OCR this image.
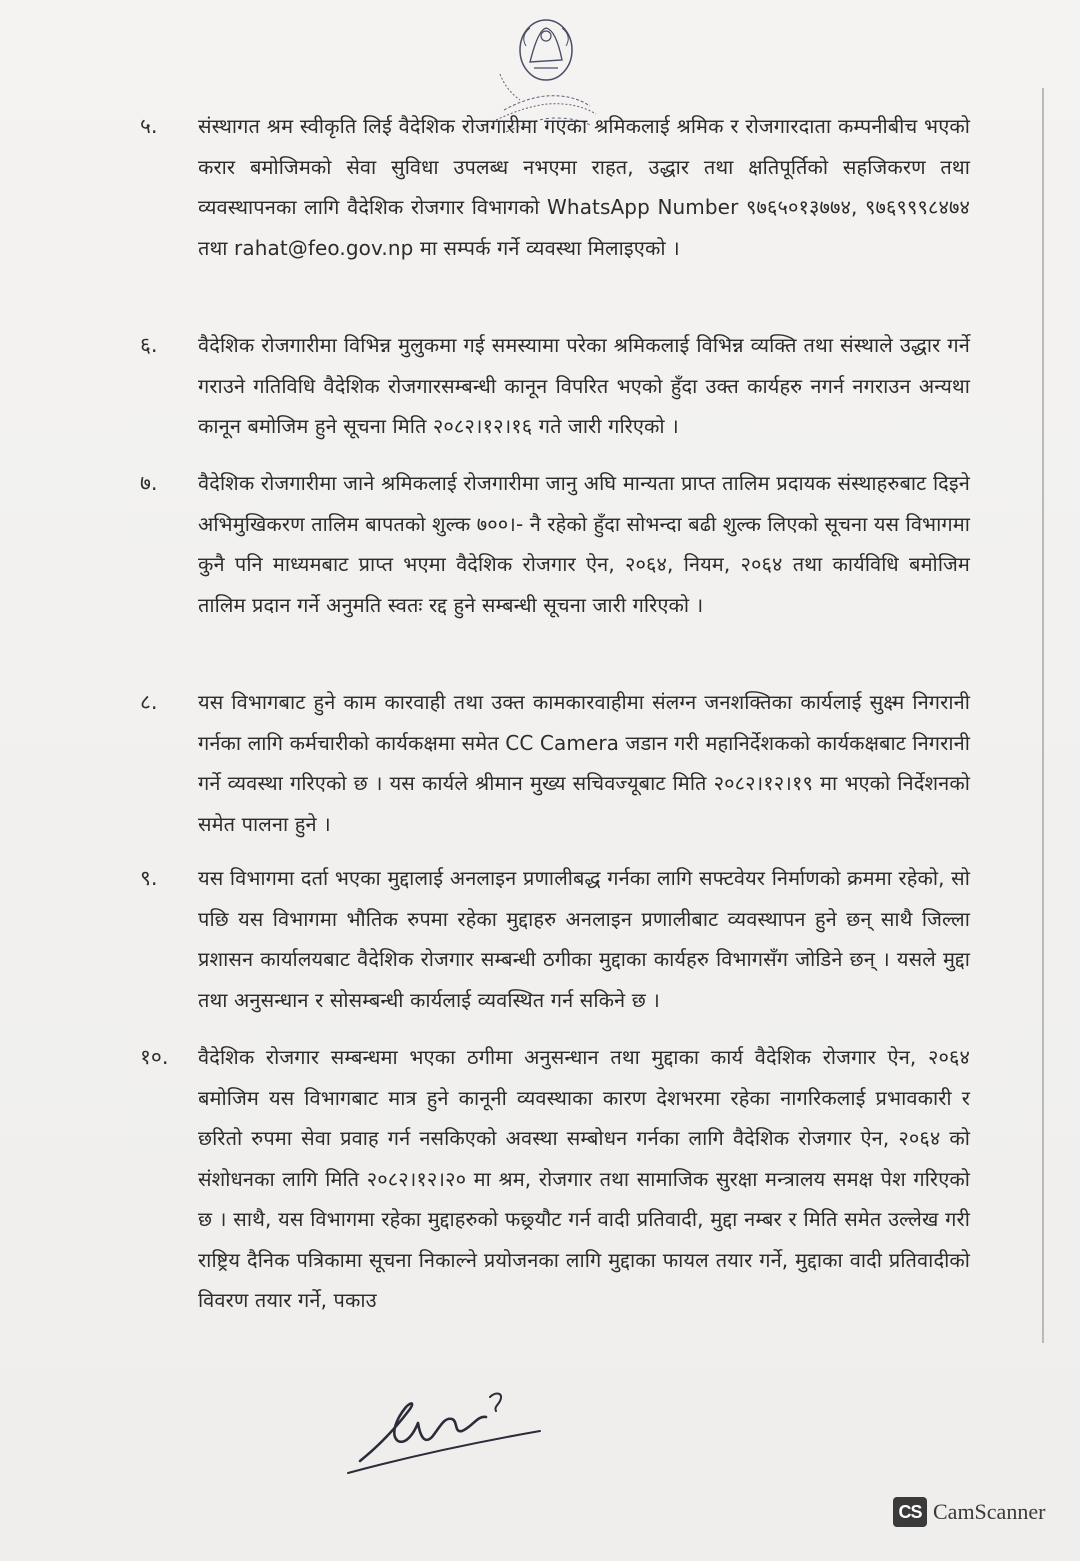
५.	संस्थागत श्रम स्वीकृति लिई वैदेशिक रोजगारीमा गएका श्रमिकलाई श्रमिक र रोजगारदाता कम्पनीबीच भएको करार बमोजिमको सेवा सुविधा उपलब्ध नभएमा राहत, उद्धार तथा क्षतिपूर्तिको सहजिकरण तथा व्यवस्थापनका लागि वैदेशिक रोजगार विभागको WhatsApp Number ९७६५०१३७७४, ९७६९९९८४७४ तथा rahat@feo.gov.np मा सम्पर्क गर्ने व्यवस्था मिलाइएको ।
६.	वैदेशिक रोजगारीमा विभिन्न मुलुकमा गई समस्यामा परेका श्रमिकलाई विभिन्न व्यक्ति तथा संस्थाले उद्धार गर्ने गराउने गतिविधि वैदेशिक रोजगारसम्बन्धी कानून विपरित भएको हुँदा उक्त कार्यहरु नगर्न नगराउन अन्यथा कानून बमोजिम हुने सूचना मिति २०८२।१२।१६ गते जारी गरिएको ।
७.	वैदेशिक रोजगारीमा जाने श्रमिकलाई रोजगारीमा जानु अघि मान्यता प्राप्त तालिम प्रदायक संस्थाहरुबाट दिइने अभिमुखिकरण तालिम बापतको शुल्क ७००।- नै रहेको हुँदा सोभन्दा बढी शुल्क लिएको सूचना यस विभागमा कुनै पनि माध्यमबाट प्राप्त भएमा वैदेशिक रोजगार ऐन, २०६४, नियम, २०६४ तथा कार्यविधि बमोजिम तालिम प्रदान गर्ने अनुमति स्वतः रद्द हुने सम्बन्धी सूचना जारी गरिएको ।
८.	यस विभागबाट हुने काम कारवाही तथा उक्त कामकारवाहीमा संलग्न जनशक्तिका कार्यलाई सुक्ष्म निगरानी गर्नका लागि कर्मचारीको कार्यकक्षमा समेत CC Camera जडान गरी महानिर्देशकको कार्यकक्षबाट निगरानी गर्ने व्यवस्था गरिएको छ । यस कार्यले श्रीमान मुख्य सचिवज्यूबाट मिति २०८२।१२।१९ मा भएको निर्देशनको समेत पालना हुने ।
९.	यस विभागमा दर्ता भएका मुद्दालाई अनलाइन प्रणालीबद्ध गर्नका लागि सफ्टवेयर निर्माणको क्रममा रहेको, सो पछि यस विभागमा भौतिक रुपमा रहेका मुद्दाहरु अनलाइन प्रणालीबाट व्यवस्थापन हुने छन् साथै जिल्ला प्रशासन कार्यालयबाट वैदेशिक रोजगार सम्बन्धी ठगीका मुद्दाका कार्यहरु विभागसँग जोडिने छन् । यसले मुद्दा तथा अनुसन्धान र सोसम्बन्धी कार्यलाई व्यवस्थित गर्न सकिने छ ।
१०.	वैदेशिक रोजगार सम्बन्धमा भएका ठगीमा अनुसन्धान तथा मुद्दाका कार्य वैदेशिक रोजगार ऐन, २०६४ बमोजिम यस विभागबाट मात्र हुने कानूनी व्यवस्थाका कारण देशभरमा रहेका नागरिकलाई प्रभावकारी र छरितो रुपमा सेवा प्रवाह गर्न नसकिएको अवस्था सम्बोधन गर्नका लागि वैदेशिक रोजगार ऐन, २०६४ को संशोधनका लागि मिति २०८२।१२।२० मा श्रम, रोजगार तथा सामाजिक सुरक्षा मन्त्रालय समक्ष पेश गरिएको छ । साथै, यस विभागमा रहेका मुद्दाहरुको फछ्र्यौट गर्न वादी प्रतिवादी, मुद्दा नम्बर र मिति समेत उल्लेख गरी राष्ट्रिय दैनिक पत्रिकामा सूचना निकाल्ने प्रयोजनका लागि मुद्दाका फायल तयार गर्ने, मुद्दाका वादी प्रतिवादीको विवरण तयार गर्ने, पकाउ
CS CamScanner
